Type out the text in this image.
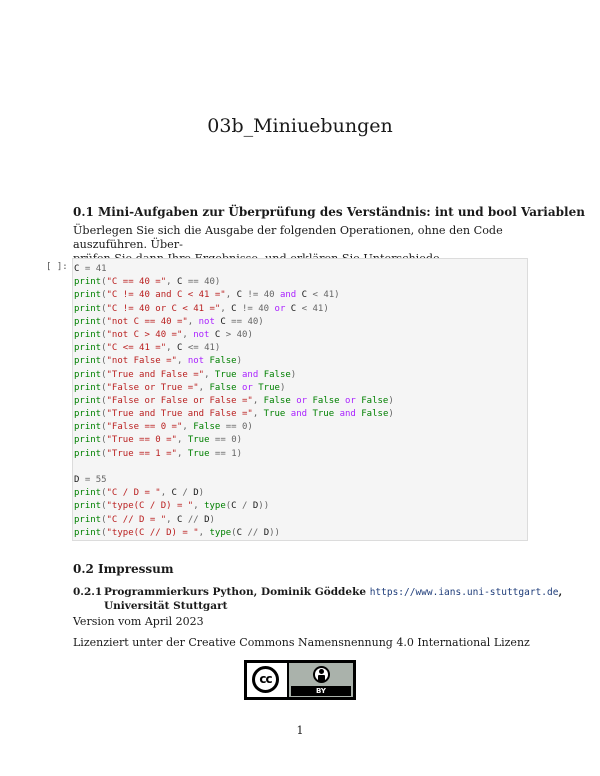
03b_Miniuebungen
0.1 Mini-Aufgaben zur Überprüfung des Verständnis: int und bool Variablen
Überlegen Sie sich die Ausgabe der folgenden Operationen, ohne den Code auszuführen. Über-
[ ]: C = 41
print("C == 40 =", C == 40)
print("C != 40 and C < 41 =", C != 40 and C < 41)
print("C != 40 or C < 41 =", C != 40 or C < 41)
print("not C == 40 =", not C == 40)
print("not C > 40 =", not C > 40)
print("C <= 41 =", C <= 41)
print("not False =", not False)
print("True and False =", True and False)
print("False or True =", False or True)
print("False or False or False =", False or False or False)
print("True and True and False =", True and True and False)
print("False == 0 =", False == 0)
print("True == 0 =", True == 0)
print("True == 1 =", True == 1)
D = 55
print("C / D = ", C / D)
print("type(C / D) = ", type(C / D))
print("C // D = ", C // D)
print("type(C // D) = ", type(C // D))
0.2 Impressum
0.2.1 Programmierkurs Python, Dominik Göddeke https://www.ians.uni-stuttgart.de,
Universität Stuttgart
Version vom April 2023
Lizenziert unter der Creative Commons Namensnennung 4.0 International Lizenz
cc
BY
1
